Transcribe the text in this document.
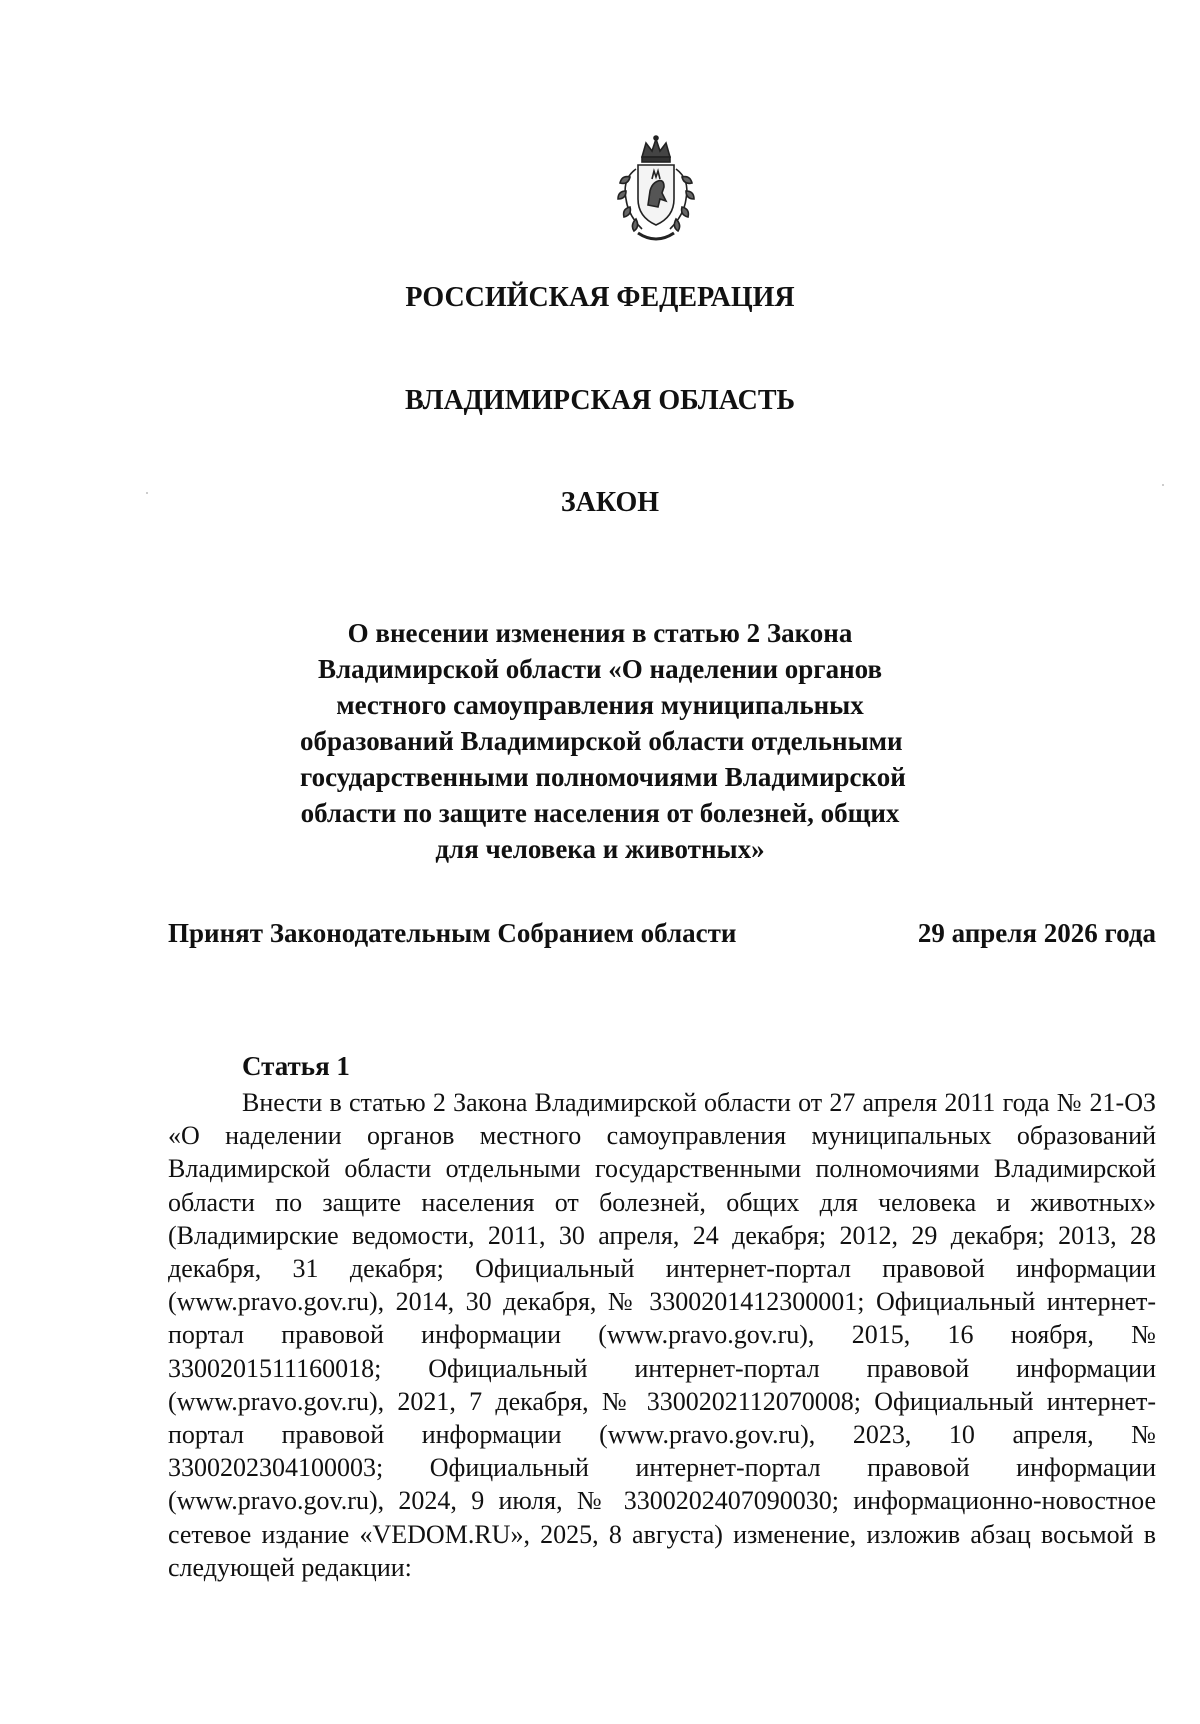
РОССИЙСКАЯ ФЕДЕРАЦИЯ
ВЛАДИМИРСКАЯ ОБЛАСТЬ
ЗАКОН
О внесении изменения в статью 2 Закона
Владимирской области «О наделении органов
местного самоуправления муниципальных
образований Владимирской области отдельными
государственными полномочиями Владимирской
области по защите населения от болезней, общих
для человека и животных»
Принят Законодательным Собранием области	29 апреля 2026 года
Статья 1

Внести в статью 2 Закона Владимирской области от 27 апреля 2011 года № 21-ОЗ «О наделении органов местного самоуправления муниципальных образований Владимирской области отдельными государственными полномочиями Владимирской области по защите населения от болезней, общих для человека и животных» (Владимирские ведомости, 2011, 30 апреля, 24 декабря; 2012, 29 декабря; 2013, 28 декабря, 31 декабря; Официальный интернет-портал правовой информации (www.pravo.gov.ru), 2014, 30 декабря, № 3300201412300001; Официальный интернет-портал правовой информации (www.pravo.gov.ru), 2015, 16 ноября, № 3300201511160018; Официальный интернет-портал правовой информации (www.pravo.gov.ru), 2021, 7 декабря, № 3300202112070008; Официальный интернет-портал правовой информации (www.pravo.gov.ru), 2023, 10 апреля, № 3300202304100003; Официальный интернет-портал правовой информации (www.pravo.gov.ru), 2024, 9 июля, № 3300202407090030; информационно-новостное сетевое издание «VEDOM.RU», 2025, 8 августа) изменение, изложив абзац восьмой в следующей редакции:
